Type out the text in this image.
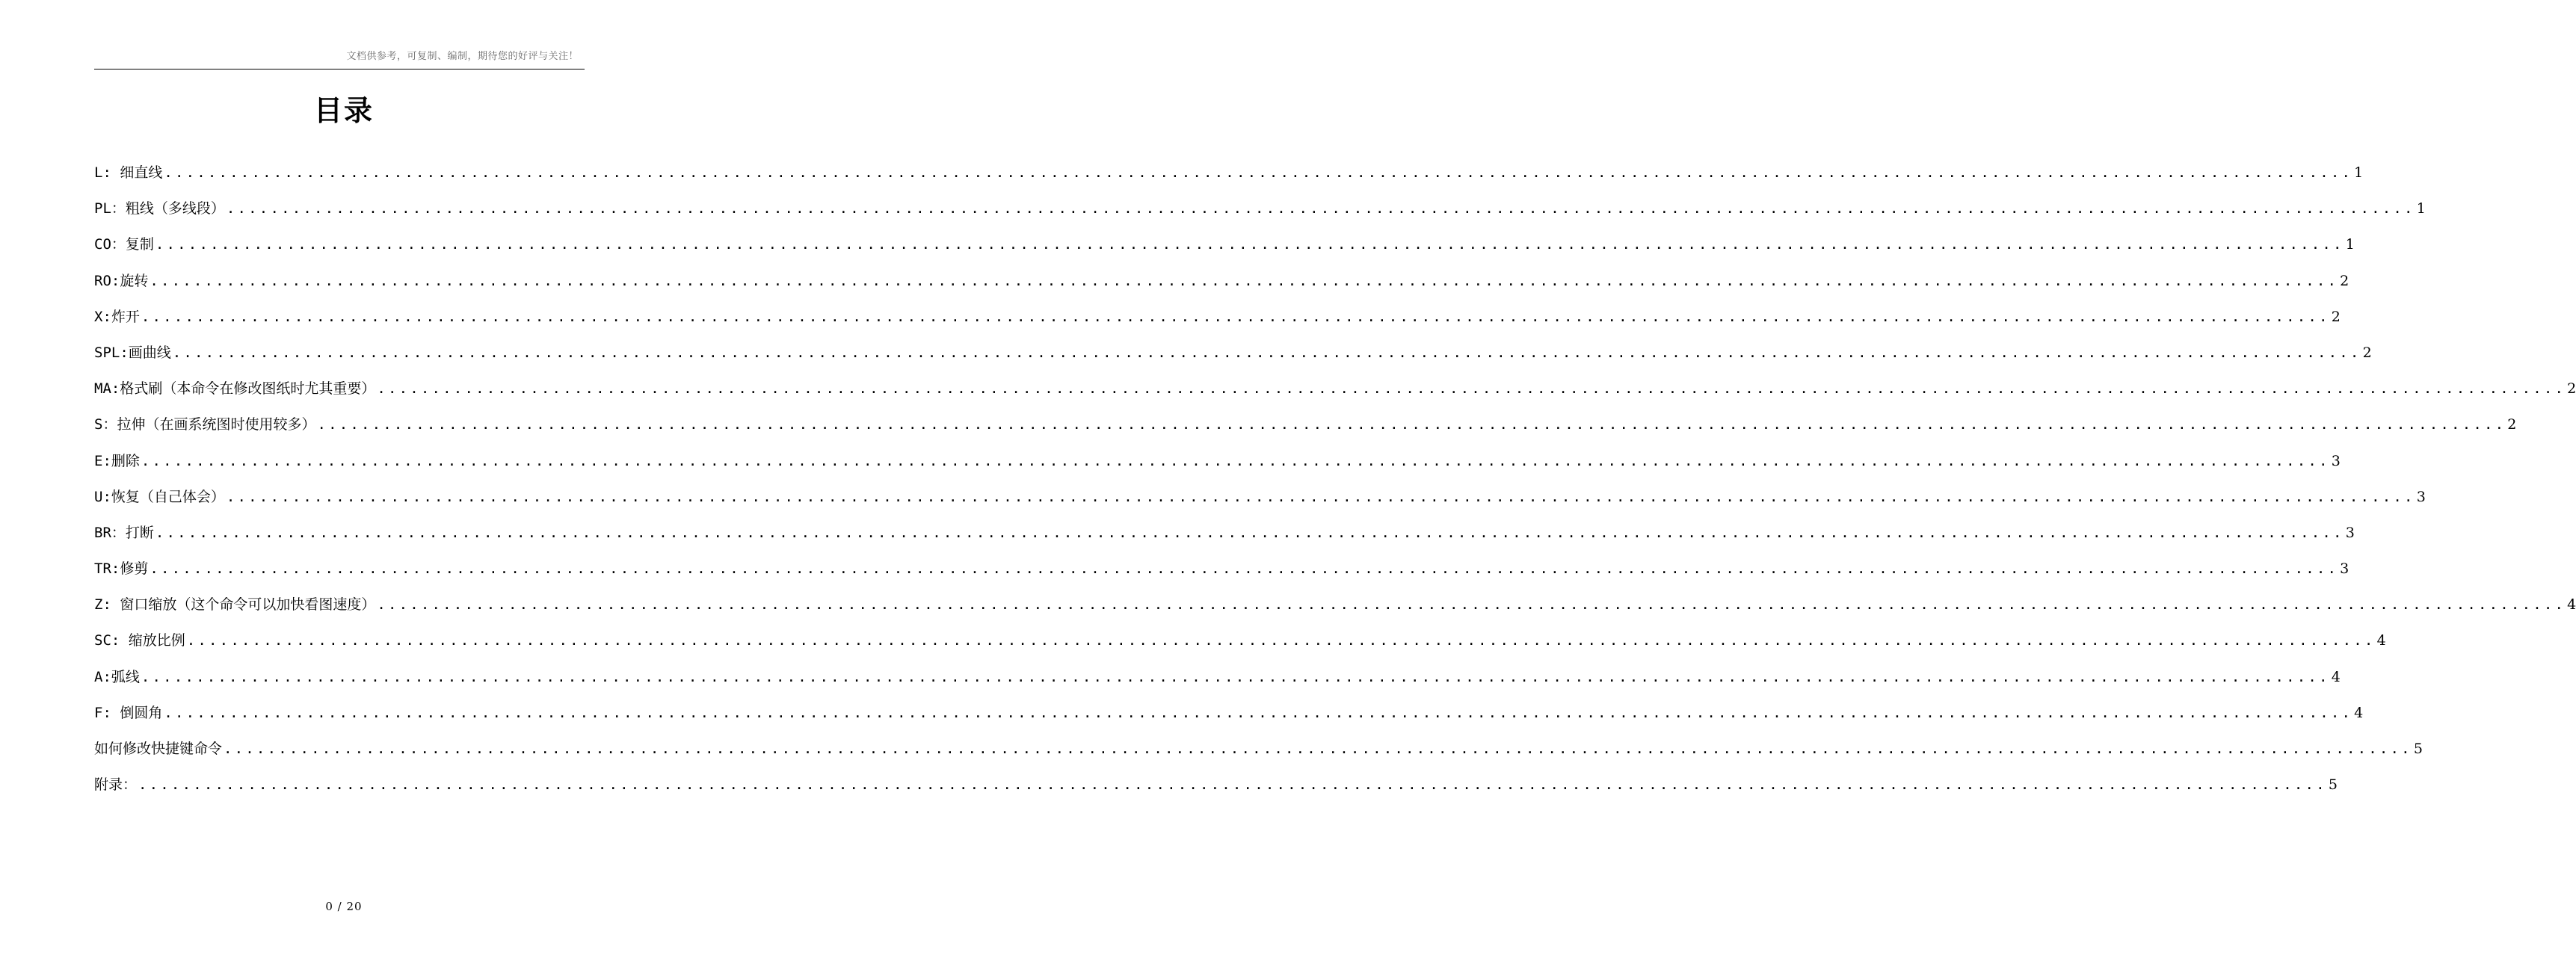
文档供参考，可复制、编制，期待您的好评与关注！
目录
L: 细直线 ........................................................................................................................................................................................................ 1
PL：粗线（多线段） ........................................................................................................................................................................................................ 1
CO：复制 ........................................................................................................................................................................................................ 1
RO:旋转 ........................................................................................................................................................................................................ 2
X:炸开 ........................................................................................................................................................................................................ 2
SPL:画曲线 ........................................................................................................................................................................................................ 2
MA:格式刷（本命令在修改图纸时尤其重要） ........................................................................................................................................................................................................ 2
S：拉伸（在画系统图时使用较多） ........................................................................................................................................................................................................ 2
E:删除 ........................................................................................................................................................................................................ 3
U:恢复（自己体会） ........................................................................................................................................................................................................ 3
BR：打断 ........................................................................................................................................................................................................ 3
TR:修剪 ........................................................................................................................................................................................................ 3
Z: 窗口缩放（这个命令可以加快看图速度） ........................................................................................................................................................................................................ 4
SC: 缩放比例 ........................................................................................................................................................................................................ 4
A:弧线 ........................................................................................................................................................................................................ 4
F: 倒圆角 ........................................................................................................................................................................................................ 4
如何修改快捷键命令 ........................................................................................................................................................................................................ 5
附录： ........................................................................................................................................................................................................ 5
0 / 20
